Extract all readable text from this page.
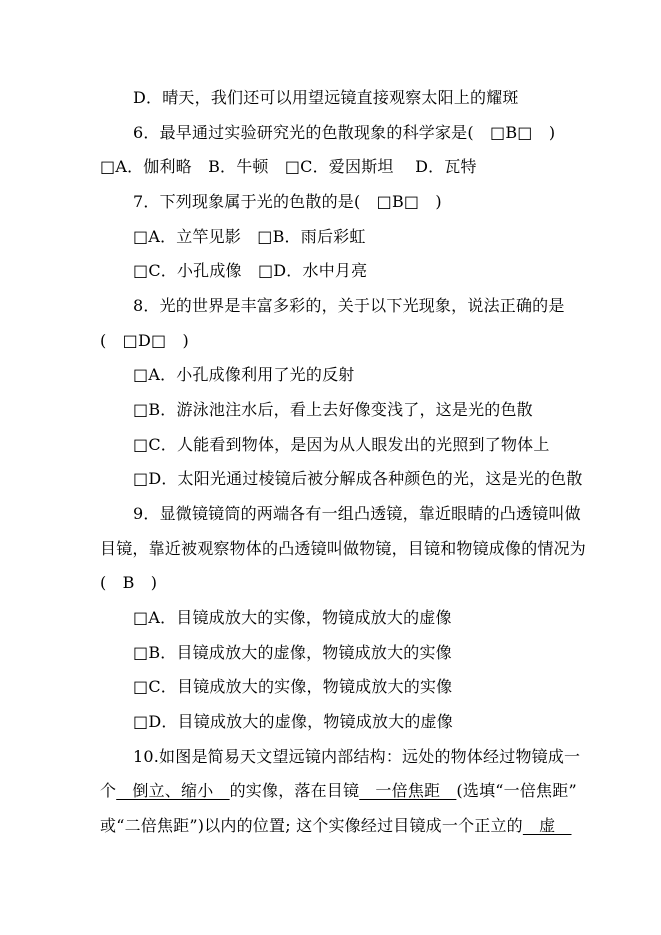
D．晴天，我们还可以用望远镜直接观察太阳上的耀斑
6．最早通过实验研究光的色散现象的科学家是(　□B□　)
□A．伽利略　B．牛顿　□C．爱因斯坦　 D．瓦特
7．下列现象属于光的色散的是(　□B□　)
□A．立竿见影　□B．雨后彩虹
□C．小孔成像　□D．水中月亮
8．光的世界是丰富多彩的，关于以下光现象，说法正确的是
(　□D□　)
□A．小孔成像利用了光的反射
□B．游泳池注水后，看上去好像变浅了，这是光的色散
□C．人能看到物体，是因为从人眼发出的光照到了物体上
□D．太阳光通过棱镜后被分解成各种颜色的光，这是光的色散
9．显微镜镜筒的两端各有一组凸透镜，靠近眼睛的凸透镜叫做
目镜，靠近被观察物体的凸透镜叫做物镜，目镜和物镜成像的情况为
(　B　)
□A．目镜成放大的实像，物镜成放大的虚像
□B．目镜成放大的虚像，物镜成放大的实像
□C．目镜成放大的实像，物镜成放大的实像
□D．目镜成放大的虚像，物镜成放大的虚像
10.如图是简易天文望远镜内部结构：远处的物体经过物镜成一
个　倒立、缩小　的实像，落在目镜　一倍焦距　(选填“一倍焦距”
或“二倍焦距”)以内的位置; 这个实像经过目镜成一个正立的　虚　
